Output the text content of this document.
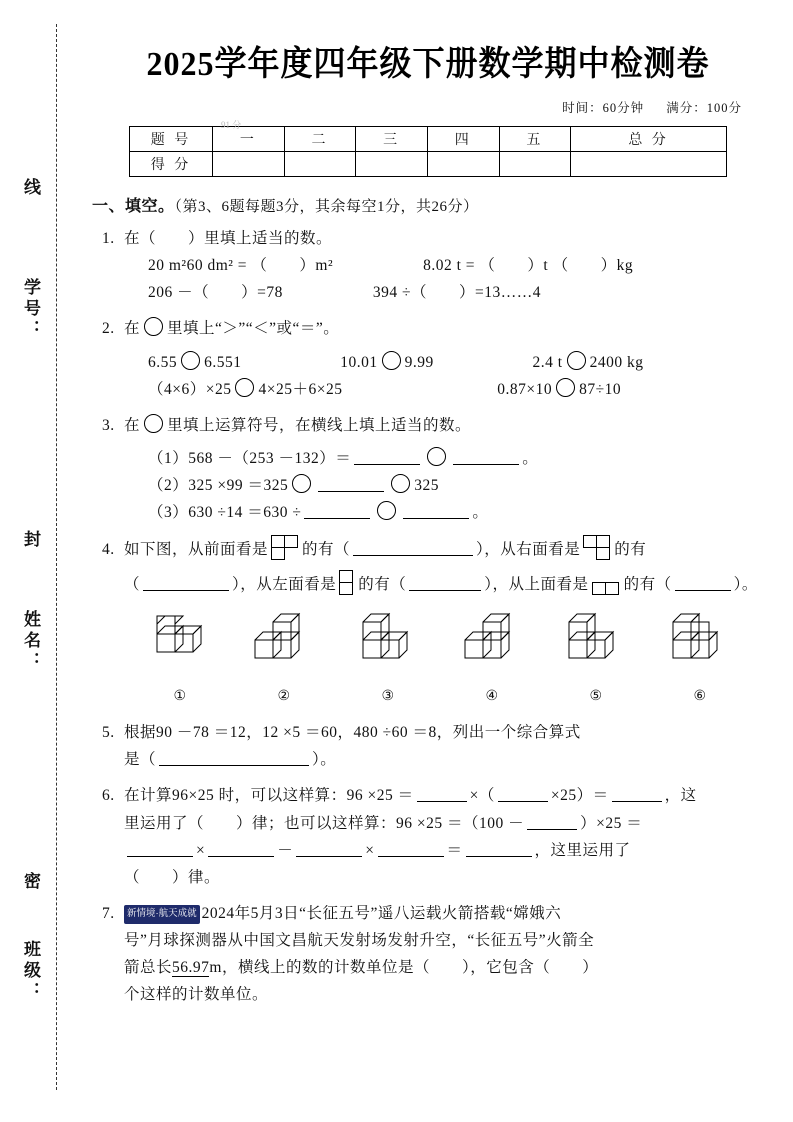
线
学号：
封
姓名：
密
班级：
2025学年度四年级下册数学期中检测卷
时间：60分钟 满分：100分
91 分
题 号	一	二	三	四	五	总 分
得 分						
一、填空。（第3、6题每题3分，其余每空1分，共26分）
1. 在（　　）里填上适当的数。
20 m²60 dm² = （　　）m²	8.02 t = （　　）t （　　）kg
206 －（　　）=78	394 ÷（　　）=13……4
2. 在 里填上“＞”“＜”或“＝”。
6.55 6.551	10.01 9.99	2.4 t 2400 kg
（4×6）×25 4×25＋6×25	0.87×10 87÷10
3. 在 里填上运算符号，在横线上填上适当的数。
（1）568 －（253 －132）＝	。
（2）325 ×99 ＝325	325
（3）630 ÷14 ＝630 ÷	。
4. 如下图，从前面看是 的有（	），从右面看是 的有
（	），从左面看是 的有（	），从上面看是 的有（	）。
①	②	③	④	⑤	⑥
5. 根据90 －78 ＝12，12 ×5 ＝60，480 ÷60 ＝8，列出一个综合算式
是（	）。
6. 在计算96×25 时，可以这样算：96 ×25 ＝	×（	×25）＝	，这
里运用了（　　）律；也可以这样算：96 ×25 ＝（100 －	）×25 ＝
×	－	×	＝	，这里运用了
（　　）律。
7. 新情境·航天成就 2024年5月3日“长征五号”遥八运载火箭搭载“嫦娥六
号”月球探测器从中国文昌航天发射场发射升空，“长征五号”火箭全
箭总长56.97m，横线上的数的计数单位是（　　），它包含（　　）
个这样的计数单位。
